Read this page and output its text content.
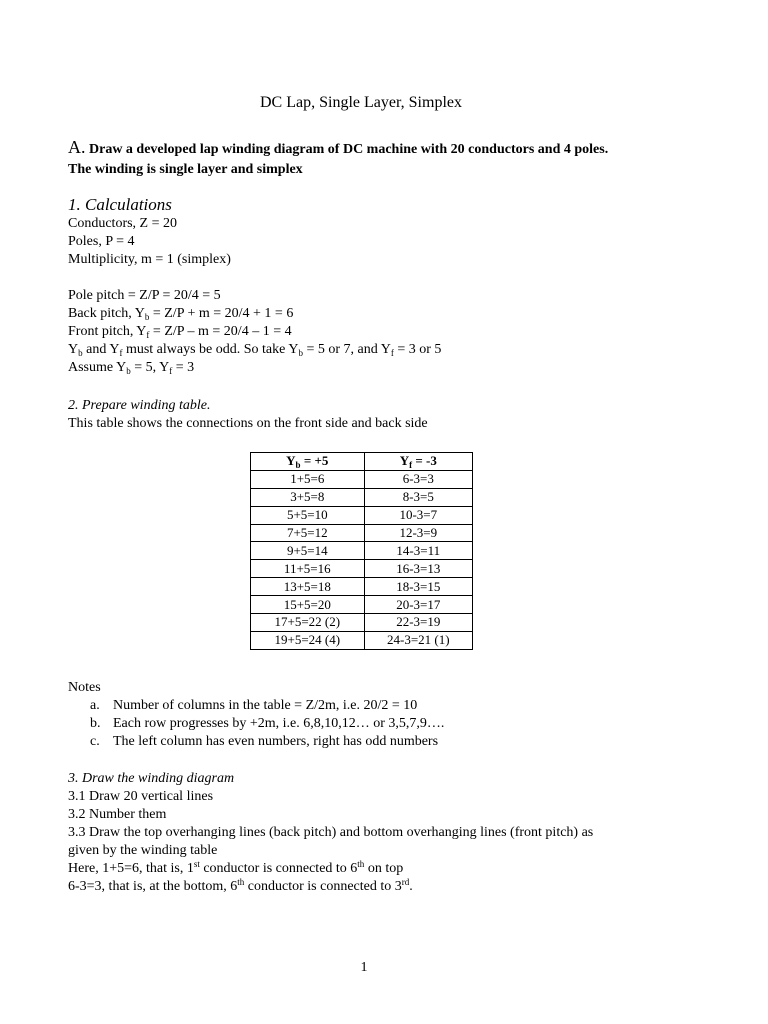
DC Lap, Single Layer, Simplex
A. Draw a developed lap winding diagram of DC machine with 20 conductors and 4 poles.
The winding is single layer and simplex
1. Calculations
Conductors, Z = 20
Poles, P = 4
Multiplicity, m = 1 (simplex)
Pole pitch = Z/P = 20/4 = 5
Back pitch, $Y_b = Z/P + m = 20/4 + 1 = 6$
Front pitch, $Y_f = Z/P - m = 20/4 - 1 = 4$
$Y_b$ and $Y_f$ must always be odd. So take $Y_b = 5$ or 7, and $Y_f = 3$ or 5
Assume $Y_b = 5$, $Y_f = 3$
2. Prepare winding table.
This table shows the connections on the front side and back side
$Y_b = +5$	$Y_f = -3$
1+5=6	6-3=3
3+5=8	8-3=5
5+5=10	10-3=7
7+5=12	12-3=9
9+5=14	14-3=11
11+5=16	16-3=13
13+5=18	18-3=15
15+5=20	20-3=17
17+5=22 (2)	22-3=19
19+5=24 (4)	24-3=21 (1)
Notes
a. Number of columns in the table = Z/2m, i.e. 20/2 = 10
b. Each row progresses by +2m, i.e. 6,8,10,12… or 3,5,7,9….
c. The left column has even numbers, right has odd numbers
3. Draw the winding diagram
3.1 Draw 20 vertical lines
3.2 Number them
3.3 Draw the top overhanging lines (back pitch) and bottom overhanging lines (front pitch) as
given by the winding table
Here, 1+5=6, that is, 1st conductor is connected to 6th on top
6-3=3, that is, at the bottom, 6th conductor is connected to 3rd.
1
